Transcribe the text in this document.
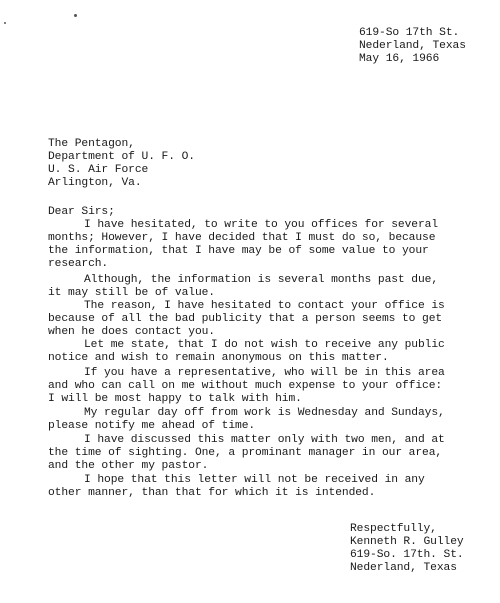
619-So 17th St.
Nederland, Texas
May 16, 1966
The Pentagon,
Department of U. F. O.
U. S. Air Force
Arlington, Va.
Dear Sirs;
I have hesitated, to write to you offices for several
months; However, I have decided that I must do so, because
the information, that I have may be of some value to your
research.
Although, the information is several months past due,
it may still be of value.
The reason, I have hesitated to contact your office is
because of all the bad publicity that a person seems to get
when he does contact you.
Let me state, that I do not wish to receive any public
notice and wish to remain anonymous on this matter.
If you have a representative, who will be in this area
and who can call on me without much expense to your office:
I will be most happy to talk with him.
My regular day off from work is Wednesday and Sundays,
please notify me ahead of time.
I have discussed this matter only with two men, and at
the time of sighting. One, a prominant manager in our area,
and the other my pastor.
I hope that this letter will not be received in any
other manner, than that for which it is intended.
Respectfully,
Kenneth R. Gulley
619-So. 17th. St.
Nederland, Texas
